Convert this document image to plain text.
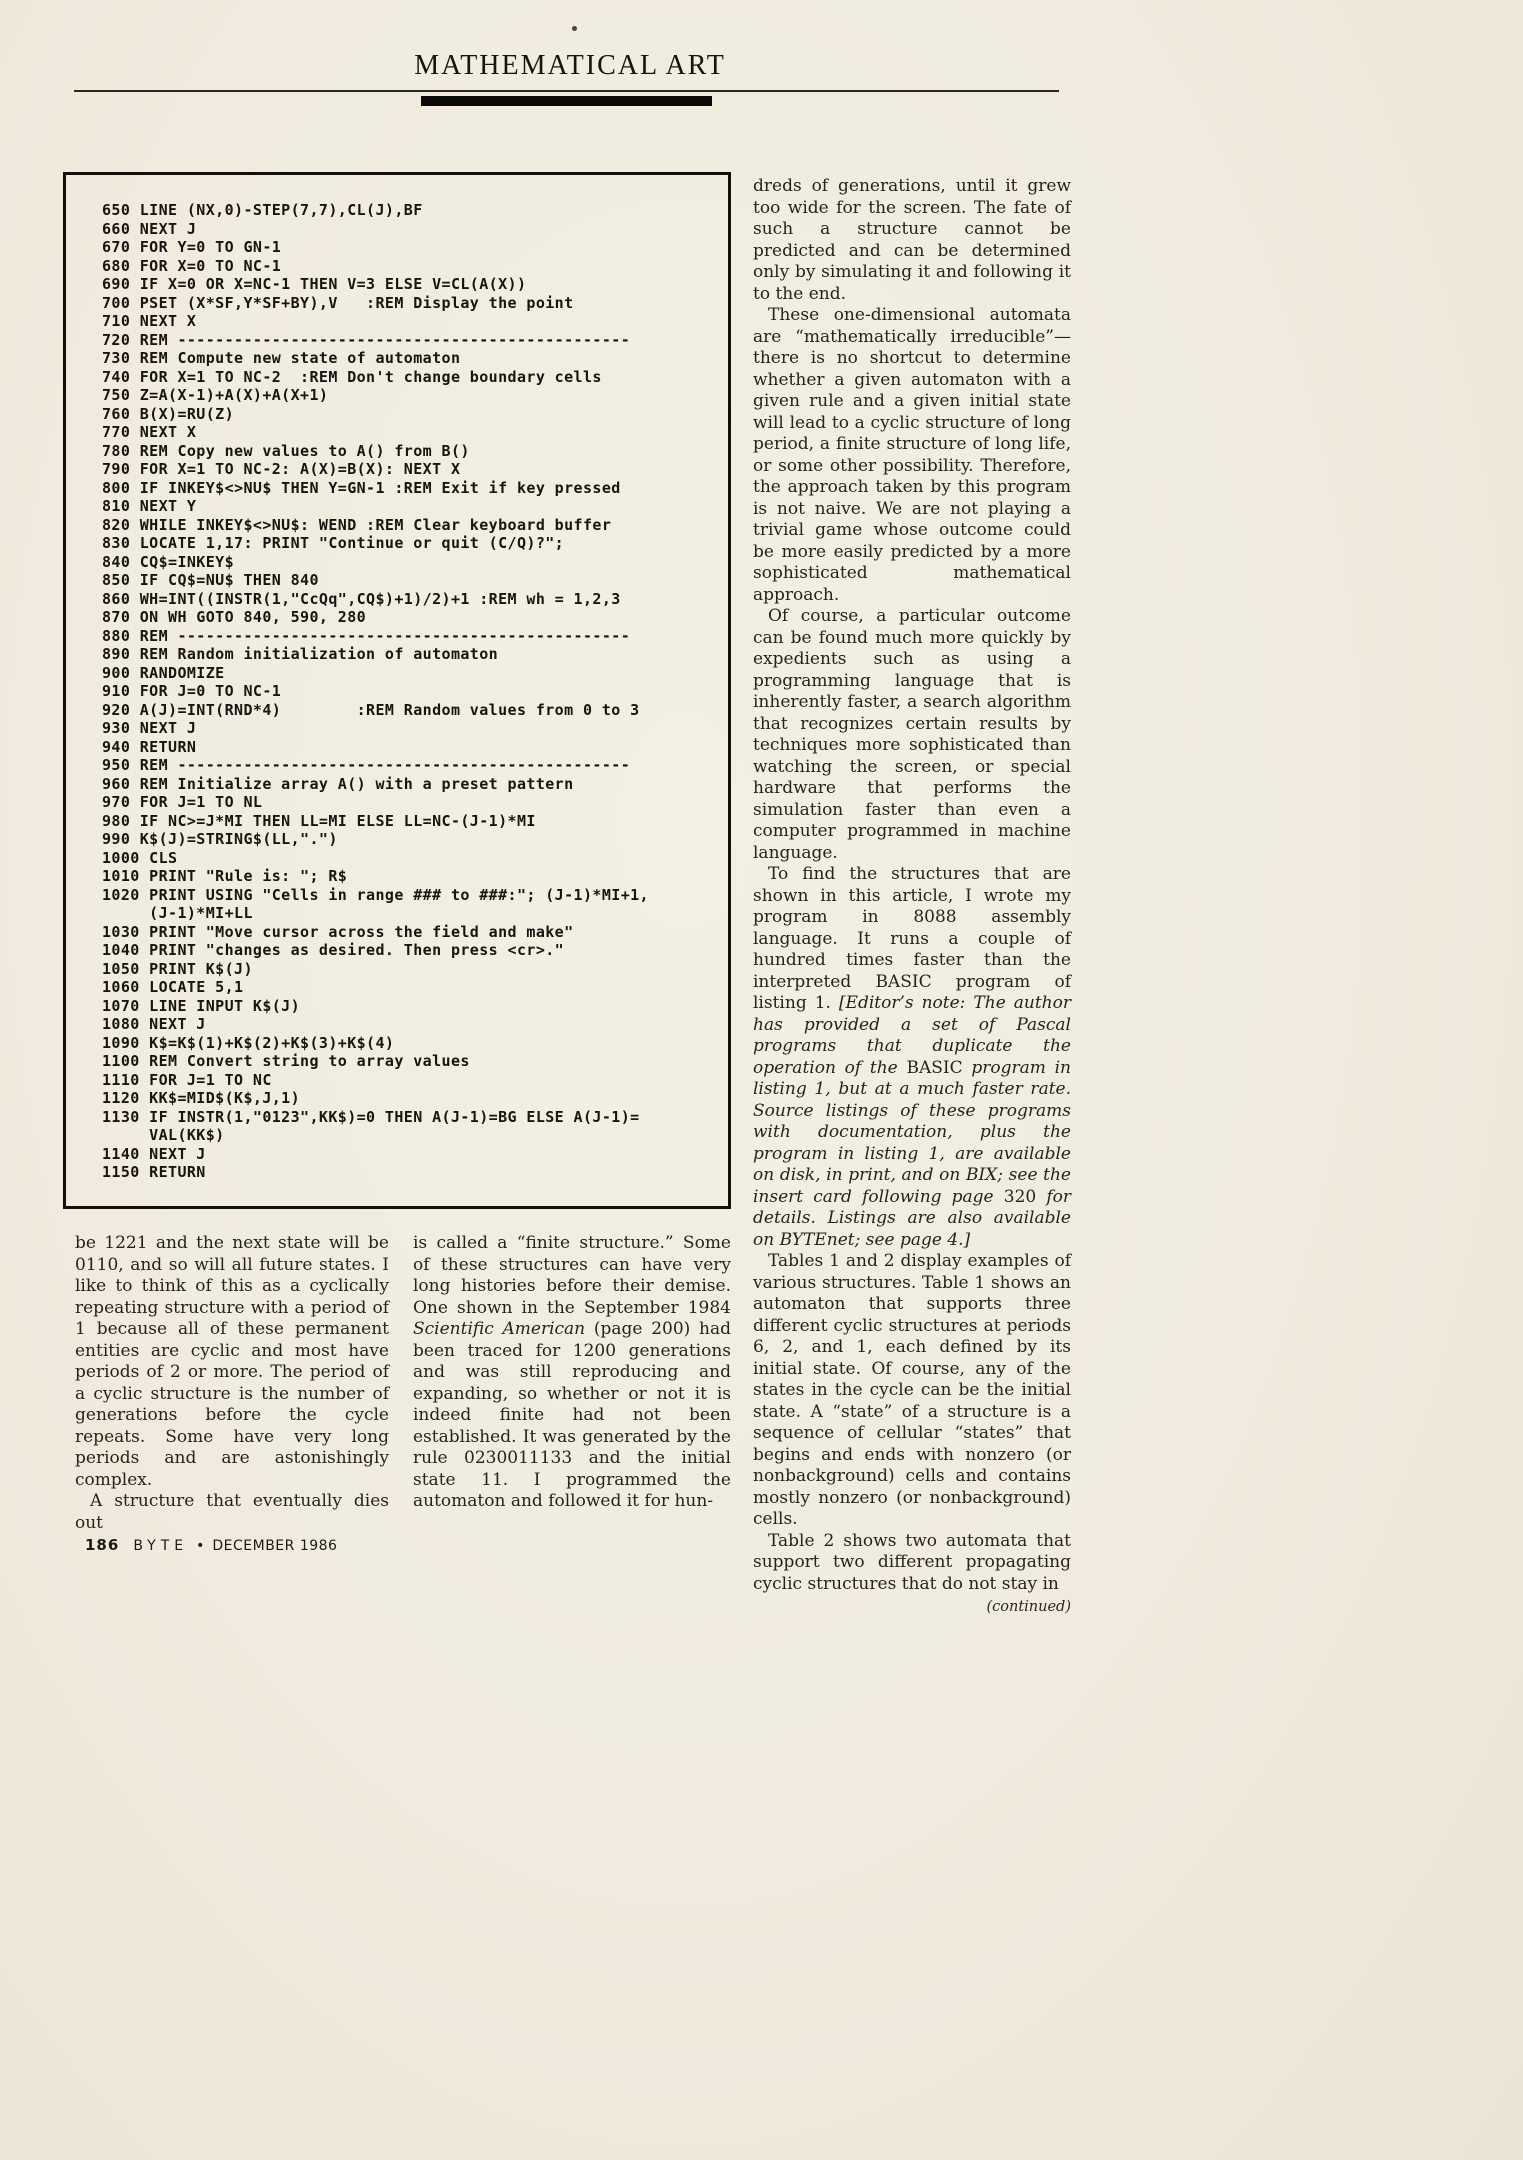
MATHEMATICAL ART
650 LINE (NX,0)-STEP(7,7),CL(J),BF
660 NEXT J
670 FOR Y=0 TO GN-1
680 FOR X=0 TO NC-1
690 IF X=0 OR X=NC-1 THEN V=3 ELSE V=CL(A(X))
700 PSET (X*SF,Y*SF+BY),V   :REM Display the point
710 NEXT X
720 REM ------------------------------------------------
730 REM Compute new state of automaton
740 FOR X=1 TO NC-2  :REM Don't change boundary cells
750 Z=A(X-1)+A(X)+A(X+1)
760 B(X)=RU(Z)
770 NEXT X
780 REM Copy new values to A() from B()
790 FOR X=1 TO NC-2: A(X)=B(X): NEXT X
800 IF INKEY$<>NU$ THEN Y=GN-1 :REM Exit if key pressed
810 NEXT Y
820 WHILE INKEY$<>NU$: WEND :REM Clear keyboard buffer
830 LOCATE 1,17: PRINT "Continue or quit (C/Q)?";
840 CQ$=INKEY$
850 IF CQ$=NU$ THEN 840
860 WH=INT((INSTR(1,"CcQq",CQ$)+1)/2)+1 :REM wh = 1,2,3
870 ON WH GOTO 840, 590, 280
880 REM ------------------------------------------------
890 REM Random initialization of automaton
900 RANDOMIZE
910 FOR J=0 TO NC-1
920 A(J)=INT(RND*4)        :REM Random values from 0 to 3
930 NEXT J
940 RETURN
950 REM ------------------------------------------------
960 REM Initialize array A() with a preset pattern
970 FOR J=1 TO NL
980 IF NC>=J*MI THEN LL=MI ELSE LL=NC-(J-1)*MI
990 K$(J)=STRING$(LL,".")
1000 CLS
1010 PRINT "Rule is: "; R$
1020 PRINT USING "Cells in range ### to ###:"; (J-1)*MI+1,
(J-1)*MI+LL
1030 PRINT "Move cursor across the field and make"
1040 PRINT "changes as desired. Then press <cr>."
1050 PRINT K$(J)
1060 LOCATE 5,1
1070 LINE INPUT K$(J)
1080 NEXT J
1090 K$=K$(1)+K$(2)+K$(3)+K$(4)
1100 REM Convert string to array values
1110 FOR J=1 TO NC
1120 KK$=MID$(K$,J,1)
1130 IF INSTR(1,"0123",KK$)=0 THEN A(J-1)=BG ELSE A(J-1)=
VAL(KK$)
1140 NEXT J
1150 RETURN

dreds of generations, until it grew too wide for the screen. The fate of such a structure cannot be predicted and can be determined only by simulating it and following it to the end.

These one-dimensional automata are “mathematically irreducible”—there is no shortcut to determine whether a given automaton with a given rule and a given initial state will lead to a cyclic structure of long period, a finite structure of long life, or some other possibility. Therefore, the approach taken by this program is not naive. We are not playing a trivial game whose outcome could be more easily predicted by a more sophisticated mathematical approach.

Of course, a particular outcome can be found much more quickly by expedients such as using a programming language that is inherently faster, a search algorithm that recognizes certain results by techniques more sophisticated than watching the screen, or special hardware that performs the simulation faster than even a computer programmed in machine language.

To find the structures that are shown in this article, I wrote my program in 8088 assembly language. It runs a couple of hundred times faster than the interpreted BASIC program of listing 1. [Editor’s note: The author has provided a set of Pascal programs that duplicate the operation of the BASIC program in listing 1, but at a much faster rate. Source listings of these programs with documentation, plus the program in listing 1, are available on disk, in print, and on BIX; see the insert card following page 320 for details. Listings are also available on BYTEnet; see page 4.]

Tables 1 and 2 display examples of various structures. Table 1 shows an automaton that supports three different cyclic structures at periods 6, 2, and 1, each defined by its initial state. Of course, any of the states in the cycle can be the initial state. A “state” of a structure is a sequence of cellular “states” that begins and ends with nonzero (or nonbackground) cells and contains mostly nonzero (or nonbackground) cells.

Table 2 shows two automata that support two different propagating cyclic structures that do not stay in

(continued)

be 1221 and the next state will be 0110, and so will all future states. I like to think of this as a cyclically repeating structure with a period of 1 because all of these permanent entities are cyclic and most have periods of 2 or more. The period of a cyclic structure is the number of generations before the cycle repeats. Some have very long periods and are astonishingly complex.

A structure that eventually dies out

is called a “finite structure.” Some of these structures can have very long histories before their demise. One shown in the September 1984 Scientific American (page 200) had been traced for 1200 generations and was still reproducing and expanding, so whether or not it is indeed finite had not been established. It was generated by the rule 0230011133 and the initial state 11. I programmed the automaton and followed it for hun-

186 BYTE • DECEMBER 1986
